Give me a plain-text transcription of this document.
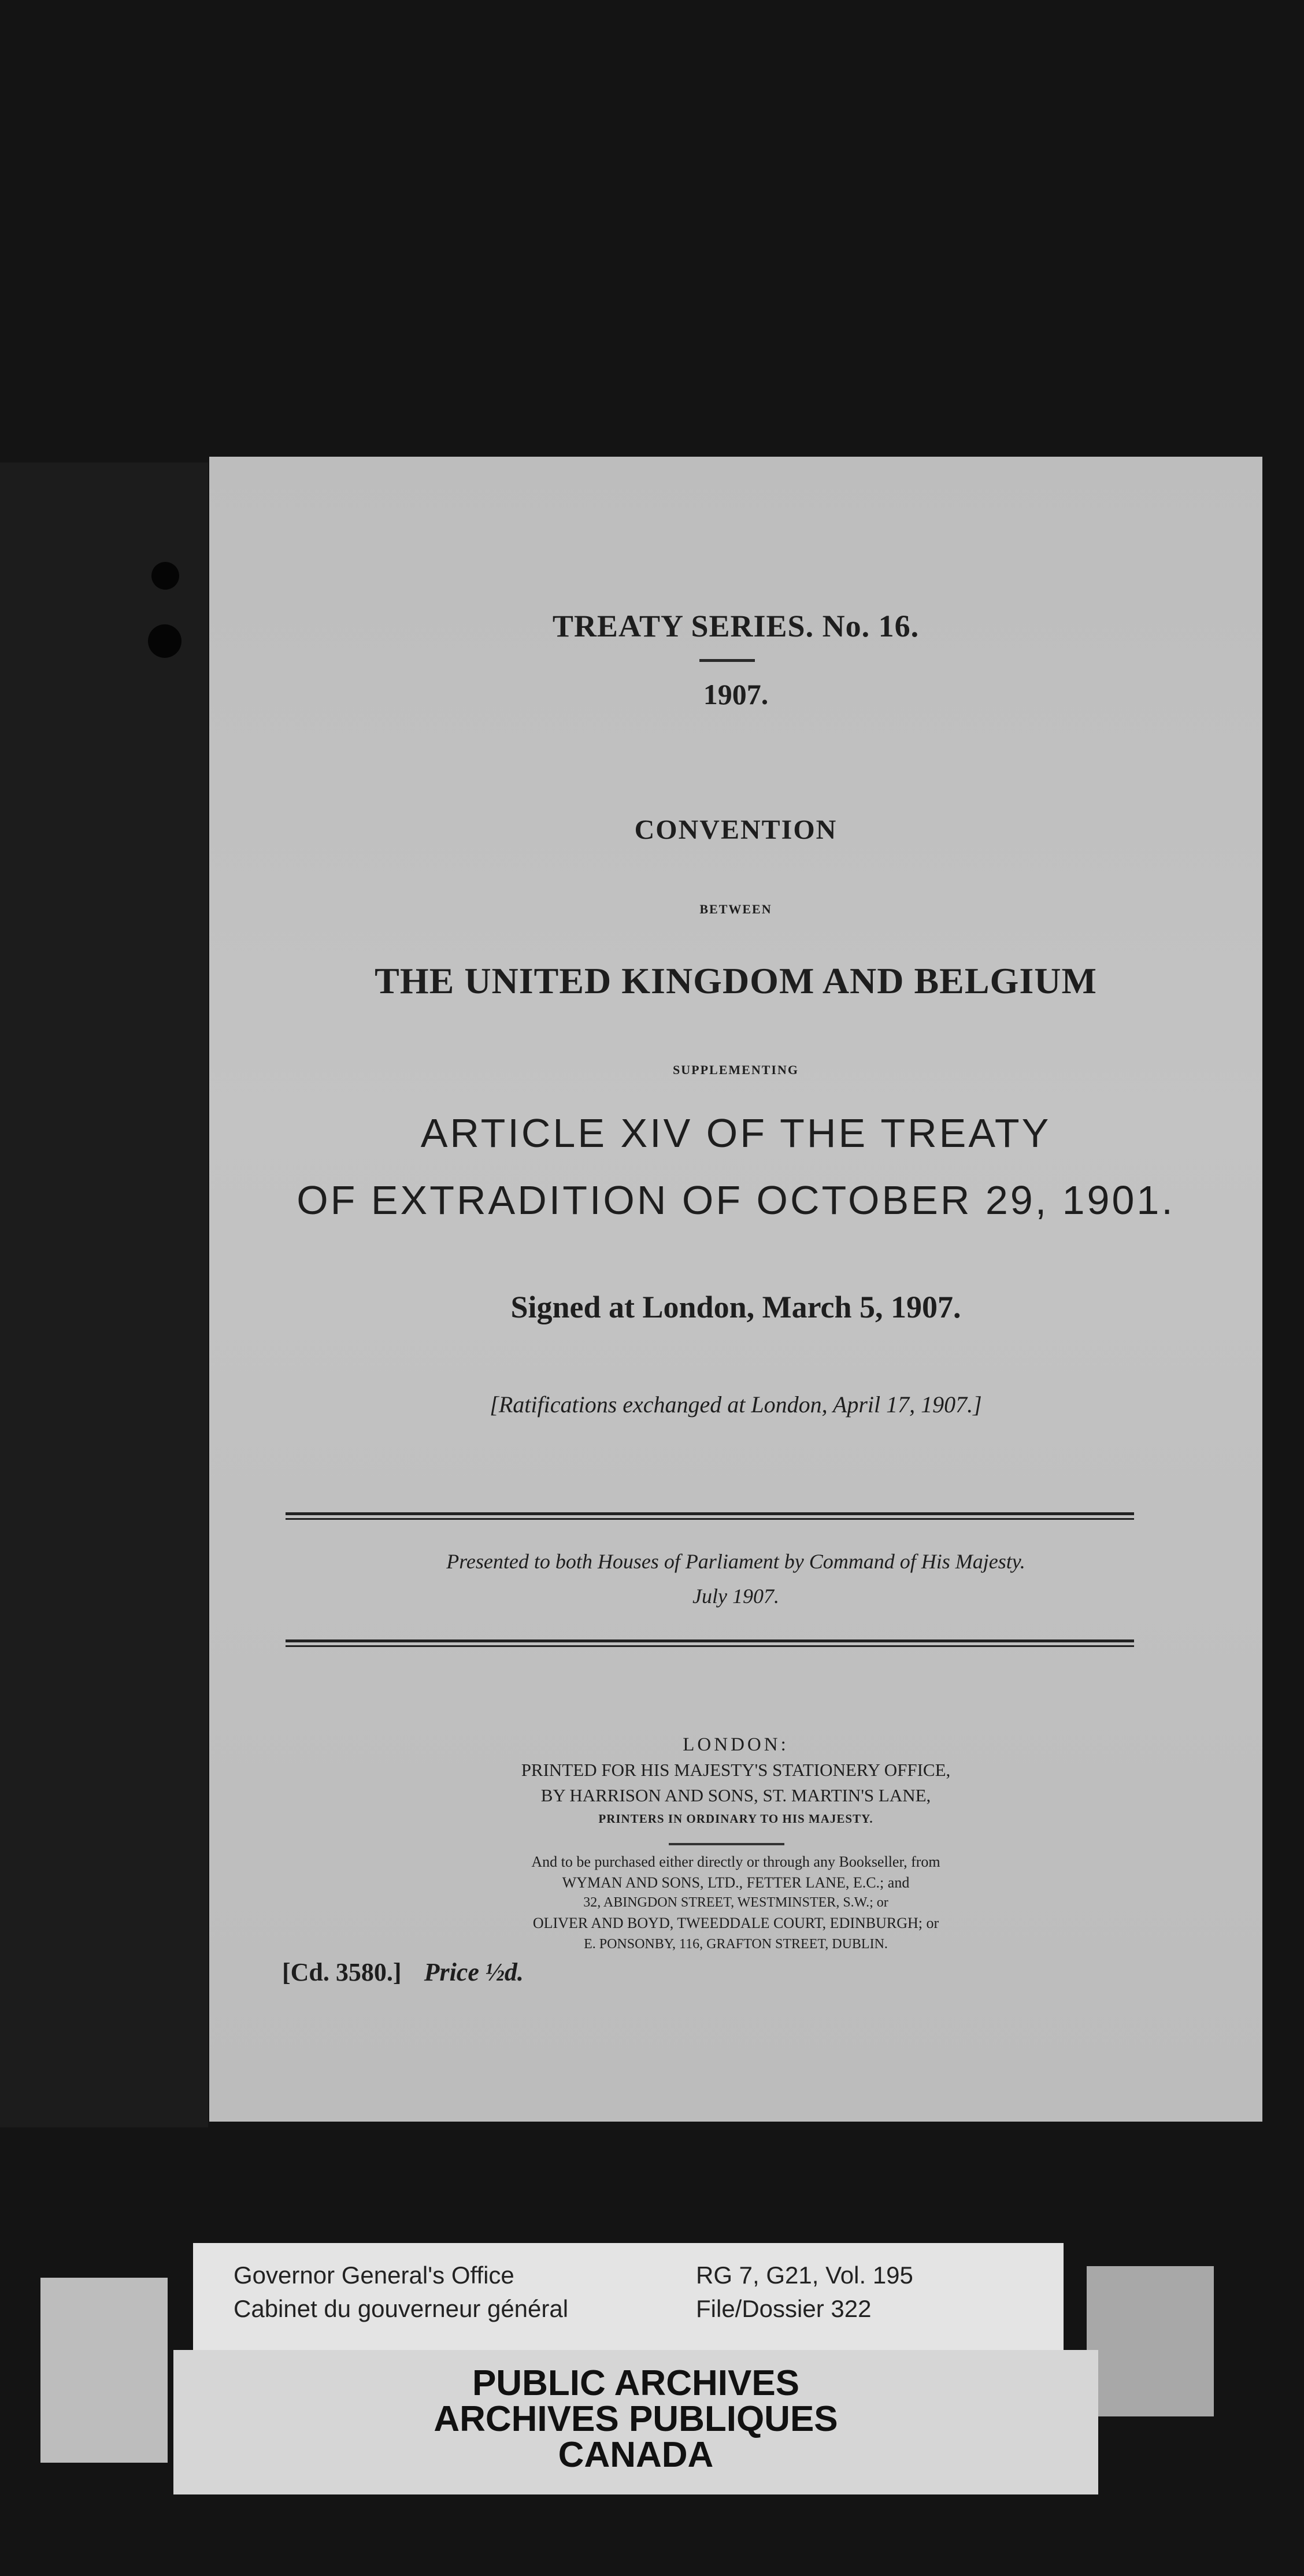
TREATY SERIES. No. 16.
1907.
CONVENTION
BETWEEN
THE UNITED KINGDOM AND BELGIUM
SUPPLEMENTING
ARTICLE XIV OF THE TREATY
OF EXTRADITION OF OCTOBER 29, 1901.
Signed at London, March 5, 1907.
[Ratifications exchanged at London, April 17, 1907.]
Presented to both Houses of Parliament by Command of His Majesty.
July 1907.
LONDON:
PRINTED FOR HIS MAJESTY'S STATIONERY OFFICE,
BY HARRISON AND SONS, ST. MARTIN'S LANE,
PRINTERS IN ORDINARY TO HIS MAJESTY.
And to be purchased either directly or through any Bookseller, from
WYMAN AND SONS, LTD., FETTER LANE, E.C.; and
32, ABINGDON STREET, WESTMINSTER, S.W.; or
OLIVER AND BOYD, TWEEDDALE COURT, EDINBURGH; or
E. PONSONBY, 116, GRAFTON STREET, DUBLIN.
[Cd. 3580.] Price ½d.
Governor General's Office
Cabinet du gouverneur général
RG 7, G21, Vol. 195
File/Dossier 322
PUBLIC ARCHIVES
ARCHIVES PUBLIQUES
CANADA
